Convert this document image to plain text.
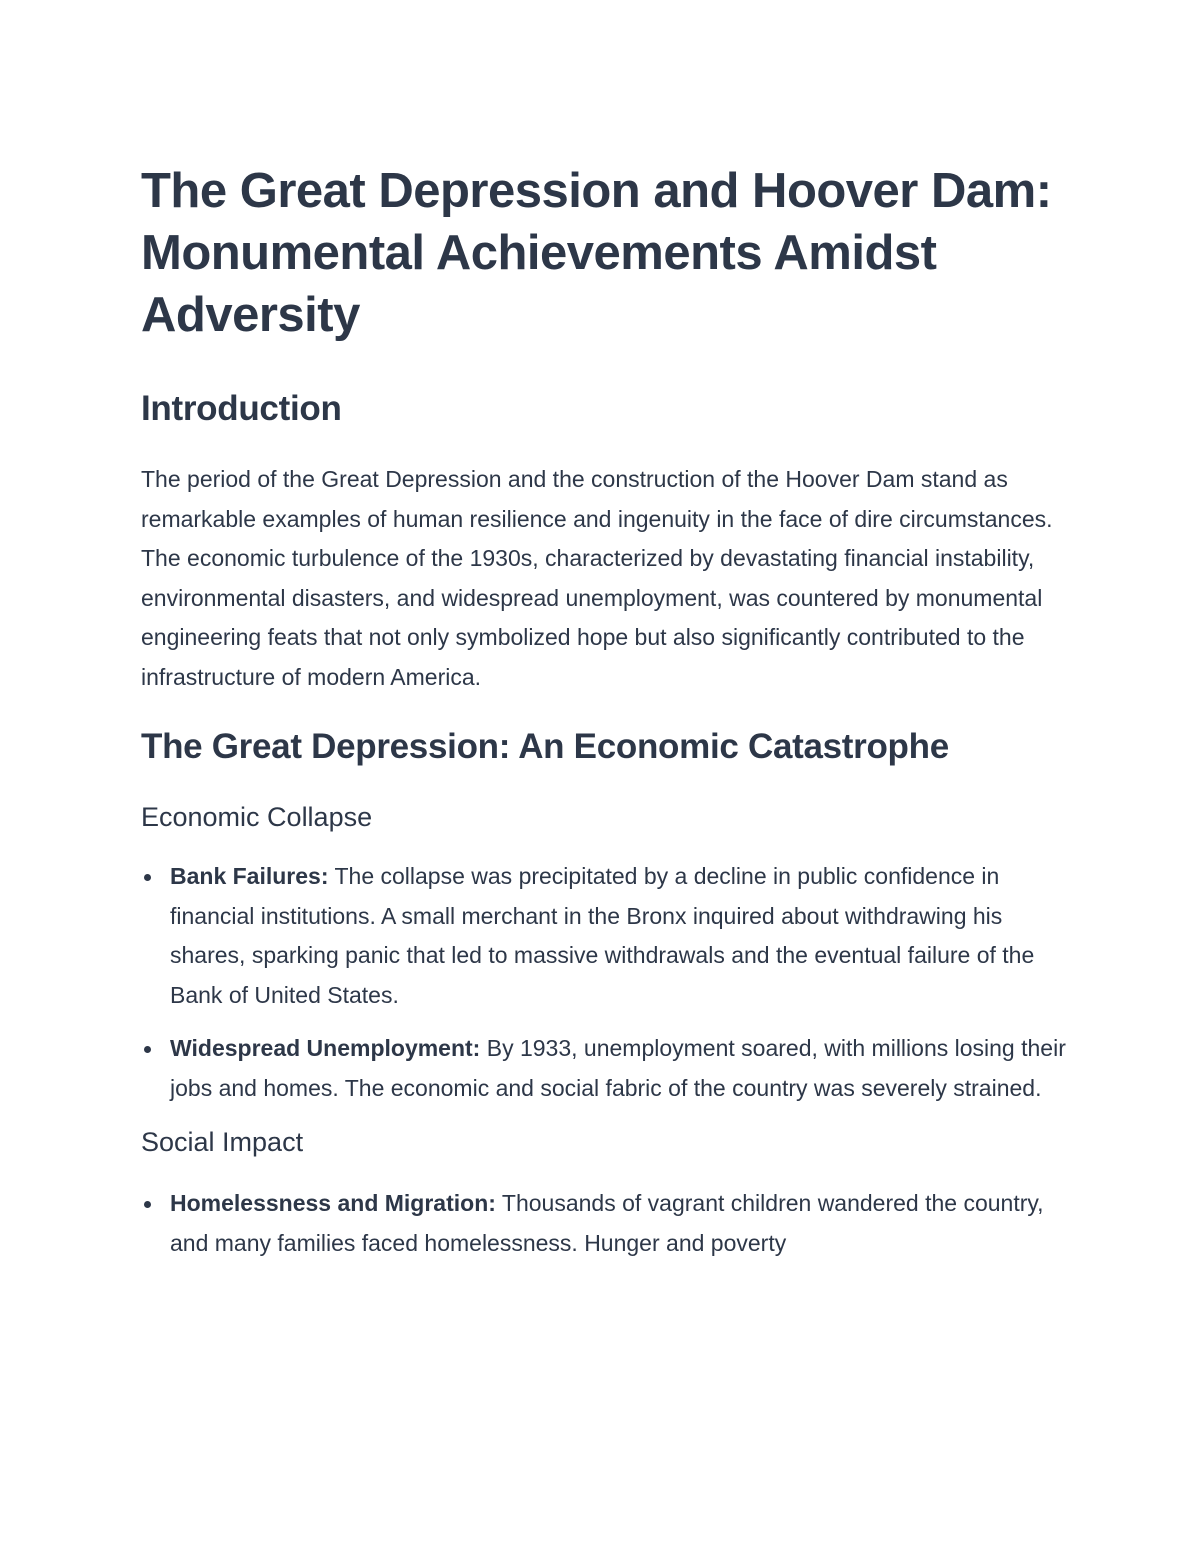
The Great Depression and Hoover Dam: Monumental Achievements Amidst Adversity
Introduction

The period of the Great Depression and the construction of the Hoover Dam stand as remarkable examples of human resilience and ingenuity in the face of dire circumstances. The economic turbulence of the 1930s, characterized by devastating financial instability, environmental disasters, and widespread unemployment, was countered by monumental engineering feats that not only symbolized hope but also significantly contributed to the infrastructure of modern America.

The Great Depression: An Economic Catastrophe
Economic Collapse
Bank Failures: The collapse was precipitated by a decline in public confidence in financial institutions. A small merchant in the Bronx inquired about withdrawing his shares, sparking panic that led to massive withdrawals and the eventual failure of the Bank of United States.
Widespread Unemployment: By 1933, unemployment soared, with millions losing their jobs and homes. The economic and social fabric of the country was severely strained.
Social Impact
Homelessness and Migration: Thousands of vagrant children wandered the country, and many families faced homelessness. Hunger and poverty
